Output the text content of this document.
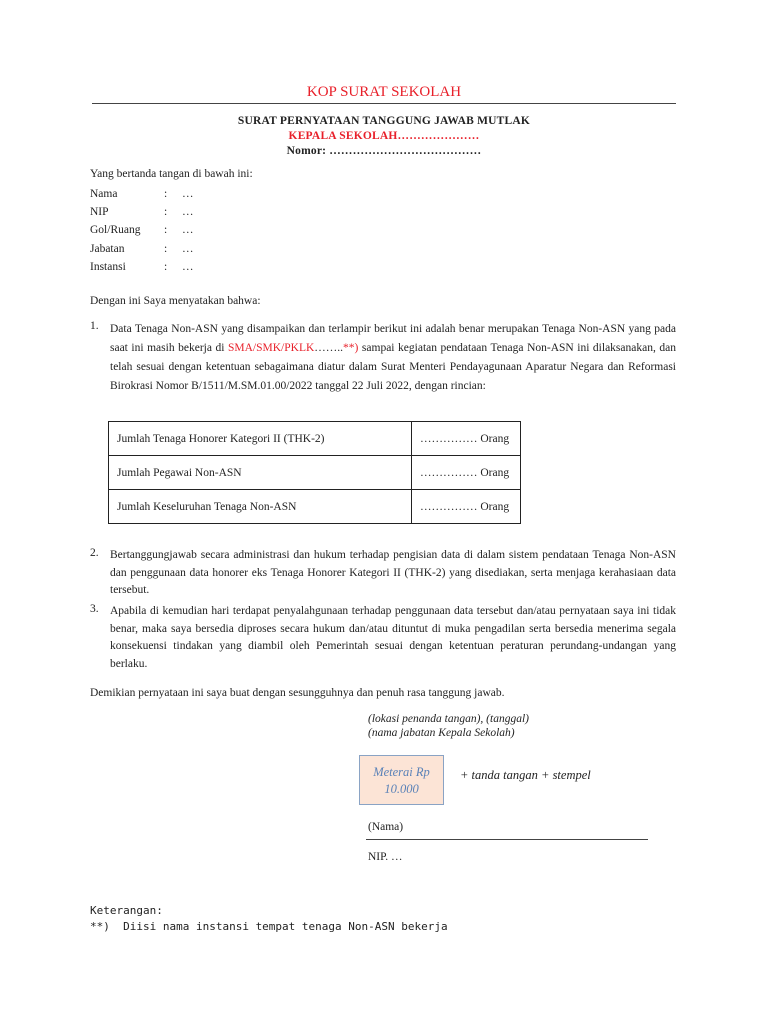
KOP SURAT SEKOLAH
SURAT PERNYATAAN TANGGUNG JAWAB MUTLAK
KEPALA SEKOLAH…………………
Nomor: …………………………………
Yang bertanda tangan di bawah ini:
Nama	: …
NIP	: …
Gol/Ruang	: …
Jabatan	: …
Instansi	: …
Dengan ini Saya menyatakan bahwa:
1. Data Tenaga Non-ASN yang disampaikan dan terlampir berikut ini adalah benar merupakan Tenaga Non-ASN yang pada saat ini masih bekerja di SMA/SMK/PKLK……..**) sampai kegiatan pendataan Tenaga Non-ASN ini dilaksanakan, dan telah sesuai dengan ketentuan sebagaimana diatur dalam Surat Menteri Pendayagunaan Aparatur Negara dan Reformasi Birokrasi Nomor B/1511/M.SM.01.00/2022 tanggal 22 Juli 2022, dengan rincian:
Jumlah Tenaga Honorer Kategori II (THK-2)	…………… Orang
Jumlah Pegawai Non-ASN	…………… Orang
Jumlah Keseluruhan Tenaga Non-ASN	…………… Orang
2. Bertanggungjawab secara administrasi dan hukum terhadap pengisian data di dalam sistem pendataan Tenaga Non-ASN dan penggunaan data honorer eks Tenaga Honorer Kategori II (THK-2) yang disediakan, serta menjaga kerahasiaan data tersebut.
3. Apabila di kemudian hari terdapat penyalahgunaan terhadap penggunaan data tersebut dan/atau pernyataan saya ini tidak benar, maka saya bersedia diproses secara hukum dan/atau dituntut di muka pengadilan serta bersedia menerima segala konsekuensi tindakan yang diambil oleh Pemerintah sesuai dengan ketentuan peraturan perundang-undangan yang berlaku.
Demikian pernyataan ini saya buat dengan sesungguhnya dan penuh rasa tanggung jawab.
(lokasi penanda tangan), (tanggal)
(nama jabatan Kepala Sekolah)
Meterai Rp
10.000
+ tanda tangan + stempel
(Nama)
NIP. …
Keterangan:
**)  Diisi nama instansi tempat tenaga Non-ASN bekerja
